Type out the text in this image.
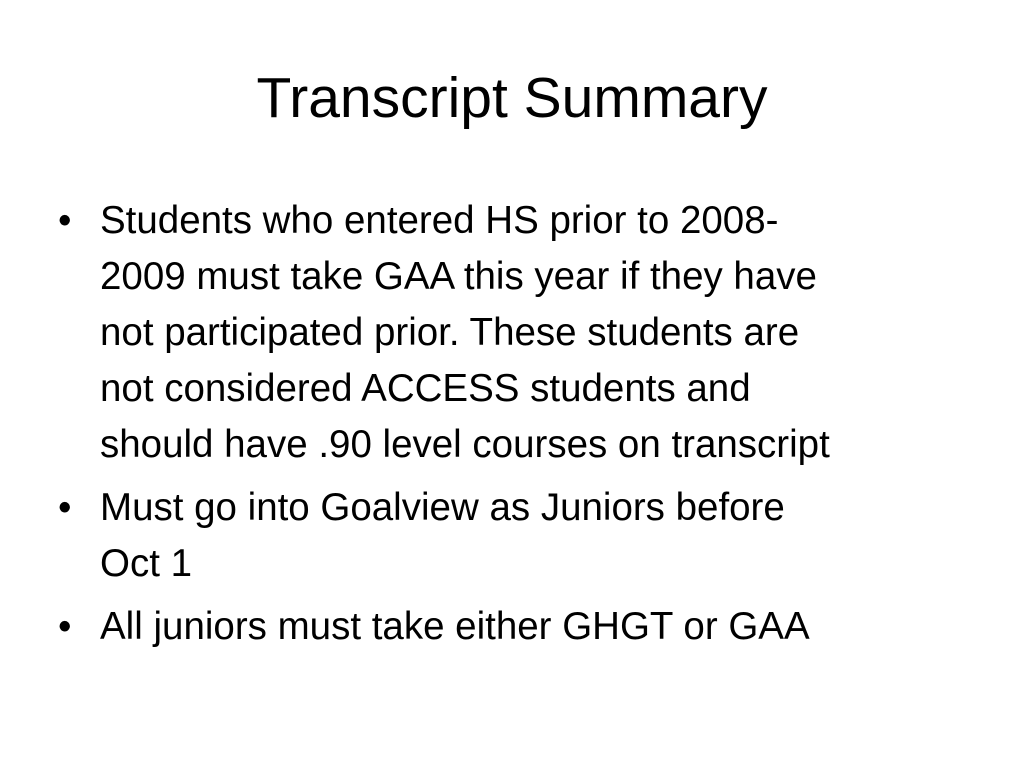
Transcript Summary
• Students who entered HS prior to 2008-
2009 must take GAA this year if they have
not participated prior. These students are
not considered ACCESS students and
should have .90 level courses on transcript
• Must go into Goalview as Juniors before
Oct 1
• All juniors must take either GHGT or GAA
